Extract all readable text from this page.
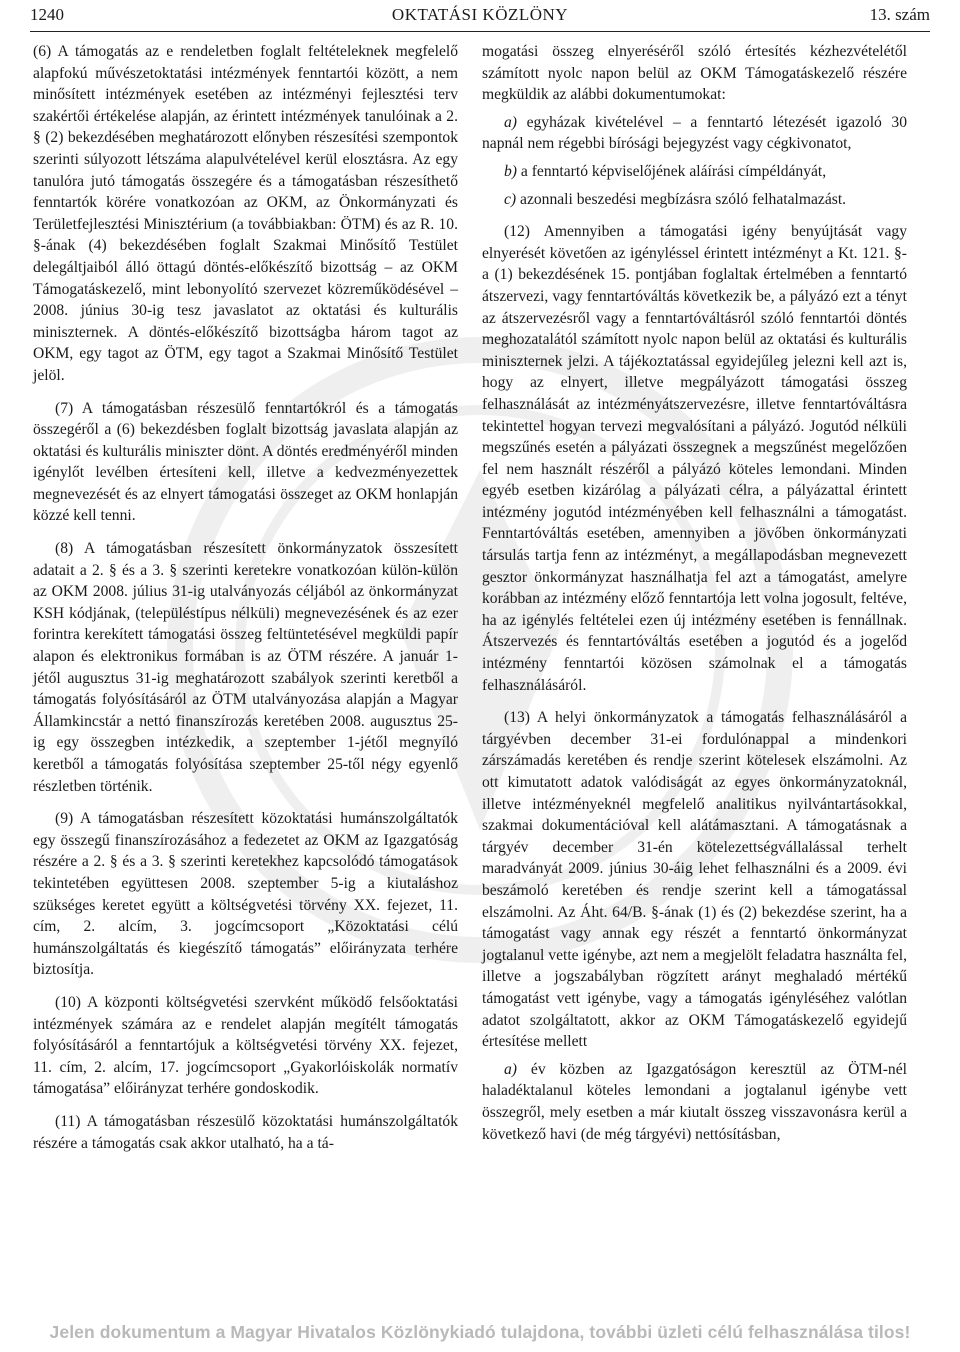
1240	OKTATÁSI KÖZLÖNY	13. szám

(6) A támogatás az e rendeletben foglalt feltételeknek megfelelő alapfokú művészetoktatási intézmények fenntartói között, a nem minősített intézmények esetében az intézményi fejlesztési terv szakértői értékelése alapján, az érintett intézmények tanulóinak a 2. § (2) bekezdésében meghatározott előnyben részesítési szempontok szerinti súlyozott létszáma alapulvételével kerül elosztásra. Az egy tanulóra jutó támogatás összegére és a támogatásban részesíthető fenntartók körére vonatkozóan az OKM, az Önkormányzati és Területfejlesztési Minisztérium (a továbbiakban: ÖTM) és az R. 10. §-ának (4) bekezdésében foglalt Szakmai Minősítő Testület delegáltjaiból álló öttagú döntés-előkészítő bizottság – az OKM Támogatáskezelő, mint lebonyolító szervezet közreműködésével – 2008. június 30-ig tesz javaslatot az oktatási és kulturális miniszternek. A döntés-előkészítő bizottságba három tagot az OKM, egy tagot az ÖTM, egy tagot a Szakmai Minősítő Testület jelöl.

(7) A támogatásban részesülő fenntartókról és a támogatás összegéről a (6) bekezdésben foglalt bizottság javaslata alapján az oktatási és kulturális miniszter dönt. A döntés eredményéről minden igénylőt levélben értesíteni kell, illetve a kedvezményezettek megnevezését és az elnyert támogatási összeget az OKM honlapján közzé kell tenni.

(8) A támogatásban részesített önkormányzatok összesített adatait a 2. § és a 3. § szerinti keretekre vonatkozóan külön-külön az OKM 2008. július 31-ig utalványozás céljából az önkormányzat KSH kódjának, (településtípus nélküli) megnevezésének és az ezer forintra kerekített támogatási összeg feltüntetésével megküldi papír alapon és elektronikus formában is az ÖTM részére. A január 1-jétől augusztus 31-ig meghatározott szabályok szerinti keretből a támogatás folyósításáról az ÖTM utalványozása alapján a Magyar Államkincstár a nettó finanszírozás keretében 2008. augusztus 25-ig egy összegben intézkedik, a szeptember 1-jétől megnyíló keretből a támogatás folyósítása szeptember 25-től négy egyenlő részletben történik.

(9) A támogatásban részesített közoktatási humánszolgáltatók egy összegű finanszírozásához a fedezetet az OKM az Igazgatóság részére a 2. § és a 3. § szerinti keretekhez kapcsolódó támogatások tekintetében együttesen 2008. szeptember 5-ig a kiutaláshoz szükséges keretet együtt a költségvetési törvény XX. fejezet, 11. cím, 2. alcím, 3. jogcímcsoport „Közoktatási célú humánszolgáltatás és kiegészítő támogatás” előirányzata terhére biztosítja.

(10) A központi költségvetési szervként működő felsőoktatási intézmények számára az e rendelet alapján megítélt támogatás folyósításáról a fenntartójuk a költségvetési törvény XX. fejezet, 11. cím, 2. alcím, 17. jogcímcsoport „Gyakorlóiskolák normatív támogatása” előirányzat terhére gondoskodik.

(11) A támogatásban részesülő közoktatási humánszolgáltatók részére a támogatás csak akkor utalható, ha a tá-

mogatási összeg elnyeréséről szóló értesítés kézhezvételétől számított nyolc napon belül az OKM Támogatáskezelő részére megküldik az alábbi dokumentumokat:

a) egyházak kivételével – a fenntartó létezését igazoló 30 napnál nem régebbi bírósági bejegyzést vagy cégkivonatot,

b) a fenntartó képviselőjének aláírási címpéldányát,

c) azonnali beszedési megbízásra szóló felhatalmazást.

(12) Amennyiben a támogatási igény benyújtását vagy elnyerését követően az igényléssel érintett intézményt a Kt. 121. §-a (1) bekezdésének 15. pontjában foglaltak értelmében a fenntartó átszervezi, vagy fenntartóváltás következik be, a pályázó ezt a tényt az átszervezésről vagy a fenntartóváltásról szóló fenntartói döntés meghozatalától számított nyolc napon belül az oktatási és kulturális miniszternek jelzi. A tájékoztatással egyidejűleg jelezni kell azt is, hogy az elnyert, illetve megpályázott támogatási összeg felhasználását az intézményátszervezésre, illetve fenntartóváltásra tekintettel hogyan tervezi megvalósítani a pályázó. Jogutód nélküli megszűnés esetén a pályázati összegnek a megszűnést megelőzően fel nem használt részéről a pályázó köteles lemondani. Minden egyéb esetben kizárólag a pályázati célra, a pályázattal érintett intézmény jogutód intézményében kell felhasználni a támogatást. Fenntartóváltás esetében, amennyiben a jövőben önkormányzati társulás tartja fenn az intézményt, a megállapodásban megnevezett gesztor önkormányzat használhatja fel azt a támogatást, amelyre korábban az intézmény előző fenntartója lett volna jogosult, feltéve, ha az igénylés feltételei ezen új intézmény esetében is fennállnak. Átszervezés és fenntartóváltás esetében a jogutód és a jogelőd intézmény fenntartói közösen számolnak el a támogatás felhasználásáról.

(13) A helyi önkormányzatok a támogatás felhasználásáról a tárgyévben december 31-ei fordulónappal a mindenkori zárszámadás keretében és rendje szerint kötelesek elszámolni. Az ott kimutatott adatok valódiságát az egyes önkormányzatoknál, illetve intézményeknél megfelelő analitikus nyilvántartásokkal, szakmai dokumentációval kell alátámasztani. A támogatásnak a tárgyév december 31-én kötelezettségvállalással terhelt maradványát 2009. június 30-áig lehet felhasználni és a 2009. évi beszámoló keretében és rendje szerint kell a támogatással elszámolni. Az Áht. 64/B. §-ának (1) és (2) bekezdése szerint, ha a támogatást vagy annak egy részét a fenntartó önkormányzat jogtalanul vette igénybe, azt nem a megjelölt feladatra használta fel, illetve a jogszabályban rögzített arányt meghaladó mértékű támogatást vett igénybe, vagy a támogatás igényléséhez valótlan adatot szolgáltatott, akkor az OKM Támogatáskezelő egyidejű értesítése mellett

a) év közben az Igazgatóságon keresztül az ÖTM-nél haladéktalanul köteles lemondani a jogtalanul igénybe vett összegről, mely esetben a már kiutalt összeg visszavonásra kerül a következő havi (de még tárgyévi) nettósításban,

Jelen dokumentum a Magyar Hivatalos Közlönykiadó tulajdona, további üzleti célú felhasználása tilos!
